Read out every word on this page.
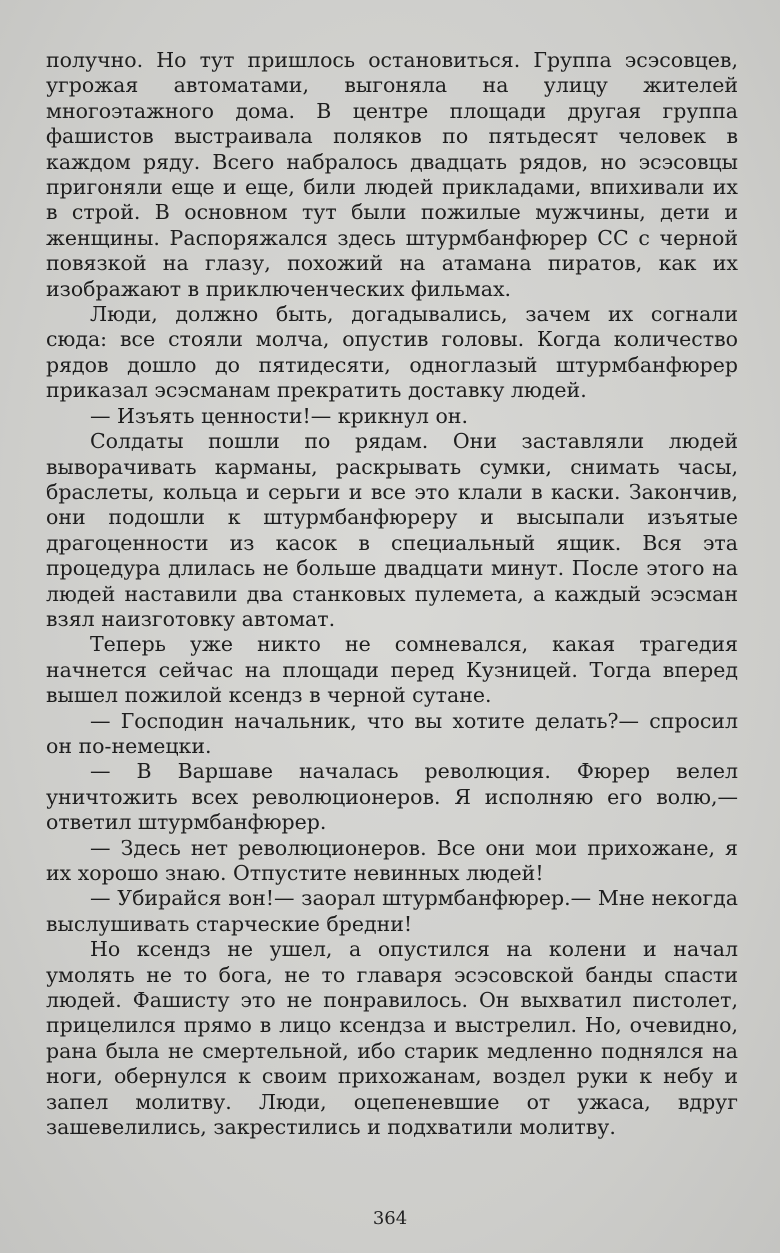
получно. Но тут пришлось остановиться. Группа эсэсовцев, угрожая автоматами, выгоняла на улицу жителей многоэтажного дома. В центре площади другая группа фашистов выстраивала поляков по пятьдесят человек в каждом ряду. Всего набралось двадцать рядов, но эсэсовцы пригоняли еще и еще, били людей прикладами, впихивали их в строй. В основном тут были пожилые мужчины, дети и женщины. Распоряжался здесь штурмбанфюрер СС с черной повязкой на глазу, похожий на атамана пиратов, как их изображают в приключенческих фильмах.

Люди, должно быть, догадывались, зачем их согнали сюда: все стояли молча, опустив головы. Когда количество рядов дошло до пятидесяти, одноглазый штурмбанфюрер приказал эсэсманам прекратить доставку людей.

— Изъять ценности!— крикнул он.

Солдаты пошли по рядам. Они заставляли людей выворачивать карманы, раскрывать сумки, снимать часы, браслеты, кольца и серьги и все это клали в каски. Закончив, они подошли к штурмбанфюреру и высыпали изъятые драгоценности из касок в специальный ящик. Вся эта процедура длилась не больше двадцати минут. После этого на людей наставили два станковых пулемета, а каждый эсэсман взял наизготовку автомат.

Теперь уже никто не сомневался, какая трагедия начнется сейчас на площади перед Кузницей. Тогда вперед вышел пожилой ксендз в черной сутане.

— Господин начальник, что вы хотите делать?— спросил он по-немецки.

— В Варшаве началась революция. Фюрер велел уничтожить всех революционеров. Я исполняю его волю,— ответил штурмбанфюрер.

— Здесь нет революционеров. Все они мои прихожане, я их хорошо знаю. Отпустите невинных людей!

— Убирайся вон!— заорал штурмбанфюрер.— Мне некогда выслушивать старческие бредни!

Но ксендз не ушел, а опустился на колени и начал умолять не то бога, не то главаря эсэсовской банды спасти людей. Фашисту это не понравилось. Он выхватил пистолет, прицелился прямо в лицо ксендза и выстрелил. Но, очевидно, рана была не смертельной, ибо старик медленно поднялся на ноги, обернулся к своим прихожанам, воздел руки к небу и запел молитву. Люди, оцепеневшие от ужаса, вдруг зашевелились, закрестились и подхватили молитву.

364
